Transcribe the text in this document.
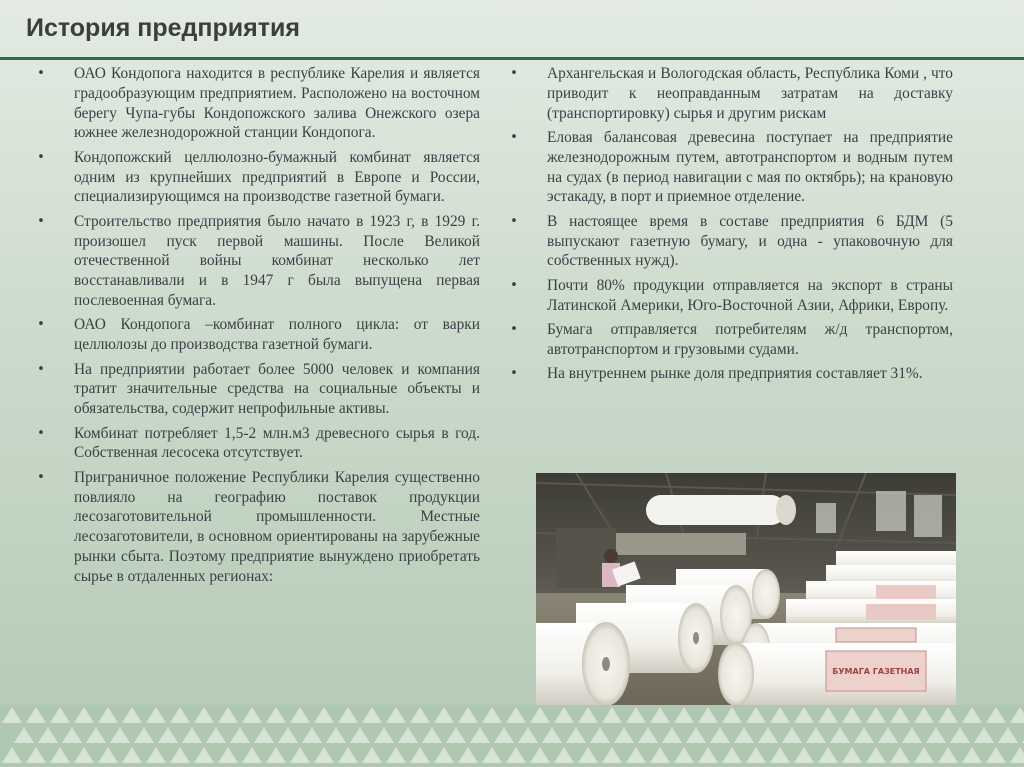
История предприятия
• ОАО Кондопога находится в республике Карелия и является градообразующим предприятием. Расположено на восточном берегу Чупа-губы Кондопожского залива Онежского озера южнее железнодорожной станции Кондопога.
• Кондопожский целлюлозно-бумажный комбинат является одним из крупнейших предприятий в Европе и России, специализирующимся на производстве газетной бумаги.
• Строительство предприятия было начато в 1923 г, в 1929 г. произошел пуск первой машины. После Великой отечественной войны комбинат несколько лет восстанавливали и в 1947 г была выпущена первая послевоенная бумага.
• ОАО Кондопога –комбинат полного цикла: от варки целлюлозы до производства газетной бумаги.
• На предприятии работает более 5000 человек и компания тратит значительные средства на социальные объекты и обязательства, содержит непрофильные активы.
• Комбинат потребляет 1,5-2 млн.м3 древесного сырья в год. Собственная лесосека отсутствует.
• Приграничное положение Республики Карелия существенно повлияло на географию поставок продукции лесозаготовительной промышленности. Местные лесозаготовители, в основном ориентированы на зарубежные рынки сбыта. Поэтому предприятие вынуждено приобретать сырье в отдаленных регионах:
• Архангельская и Вологодская область, Республика Коми , что приводит к неоправданным затратам на доставку (транспортировку) сырья и другим рискам
• Еловая балансовая древесина поступает на предприятие железнодорожным путем, автотранспортом и водным путем на судах (в период навигации с мая по октябрь); на крановую эстакаду, в порт и приемное отделение.
• В настоящее время в составе предприятия 6 БДМ (5 выпускают газетную бумагу, и одна - упаковочную для собственных нужд).
• Почти 80% продукции отправляется на экспорт в страны Латинской Америки, Юго-Восточной Азии, Африки, Европу.
• Бумага отправляется потребителям ж/д транспортом, автотранспортом и грузовыми судами.
• На внутреннем рынке доля предприятия составляет 31%.
БУМАГА ГАЗЕТНАЯ
